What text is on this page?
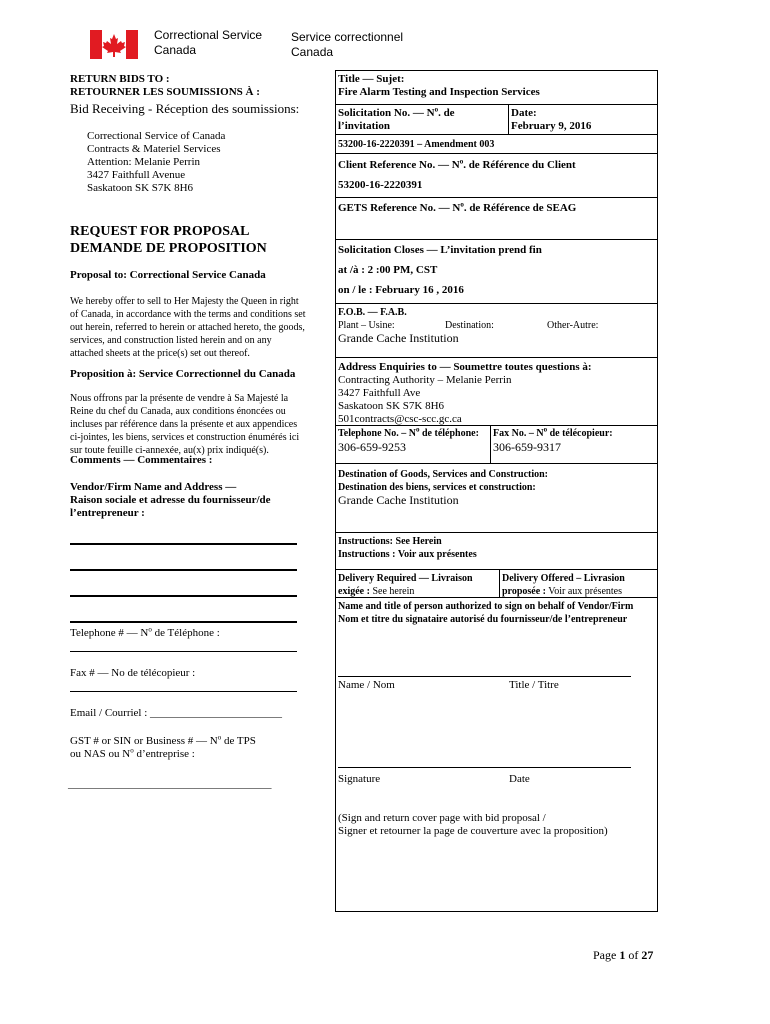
Correctional Service
Canada
Service correctionnel
Canada
RETURN BIDS TO :
RETOURNER LES SOUMISSIONS À :
Bid Receiving - Réception des soumissions:
Correctional Service of Canada
Contracts & Materiel Services
Attention: Melanie Perrin
3427 Faithfull Avenue
Saskatoon SK S7K 8H6
REQUEST FOR PROPOSAL
DEMANDE DE PROPOSITION
Proposal to: Correctional Service Canada
We hereby offer to sell to Her Majesty the Queen in right
of Canada, in accordance with the terms and conditions set
out herein, referred to herein or attached hereto, the goods,
services, and construction listed herein and on any
attached sheets at the price(s) set out thereof.
Proposition à: Service Correctionnel du Canada
Nous offrons par la présente de vendre à Sa Majesté la
Reine du chef du Canada, aux conditions énoncées ou
incluses par référence dans la présente et aux appendices
ci-jointes, les biens, services et construction énumérés ici
sur toute feuille ci-annexée, au(x) prix indiqué(s).
Comments — Commentaires :
Vendor/Firm Name and Address —
Raison sociale et adresse du fournisseur/de
l’entrepreneur :
Telephone # — $N^o$ de Téléphone :
Fax # — No de télécopieur :
Email / Courriel : ________________________
GST # or SIN or Business # — $N^o$ de TPS
ou NAS ou $N^o$ d’entreprise :
_____________________________________
Title — Sujet:
Fire Alarm Testing and Inspection Services
Solicitation No. — $N^o$. de
l’invitation
Date:
February 9, 2016
53200-16-2220391 – Amendment 003
Client Reference No. — $N^o$. de Référence du Client
53200-16-2220391
GETS Reference No. — $N^o$. de Référence de SEAG
Solicitation Closes — L’invitation prend fin
at /à : 2 :00 PM, CST
on / le : February 16 , 2016
F.O.B. — F.A.B.
Plant – Usine:	Destination:	Other-Autre:
Grande Cache Institution
Address Enquiries to — Soumettre toutes questions à:
Contracting Authority – Melanie Perrin
3427 Faithfull Ave
Saskatoon SK S7K 8H6
501contracts@csc-scc.gc.ca
Telephone No. – $N^o$ de téléphone:
306-659-9253
Fax No. – $N^o$ de télécopieur:
306-659-9317
Destination of Goods, Services and Construction:
Destination des biens, services et construction:
Grande Cache Institution
Instructions: See Herein
Instructions : Voir aux présentes
Delivery Required — Livraison
exigée : See herein
Delivery Offered – Livrasion
proposée : Voir aux présentes
Name and title of person authorized to sign on behalf of Vendor/Firm
Nom et titre du signataire autorisé du fournisseur/de l’entrepreneur
Name / Nom	Title / Titre
Signature	Date
(Sign and return cover page with bid proposal /
Signer et retourner la page de couverture avec la proposition)
Page 1 of 27
